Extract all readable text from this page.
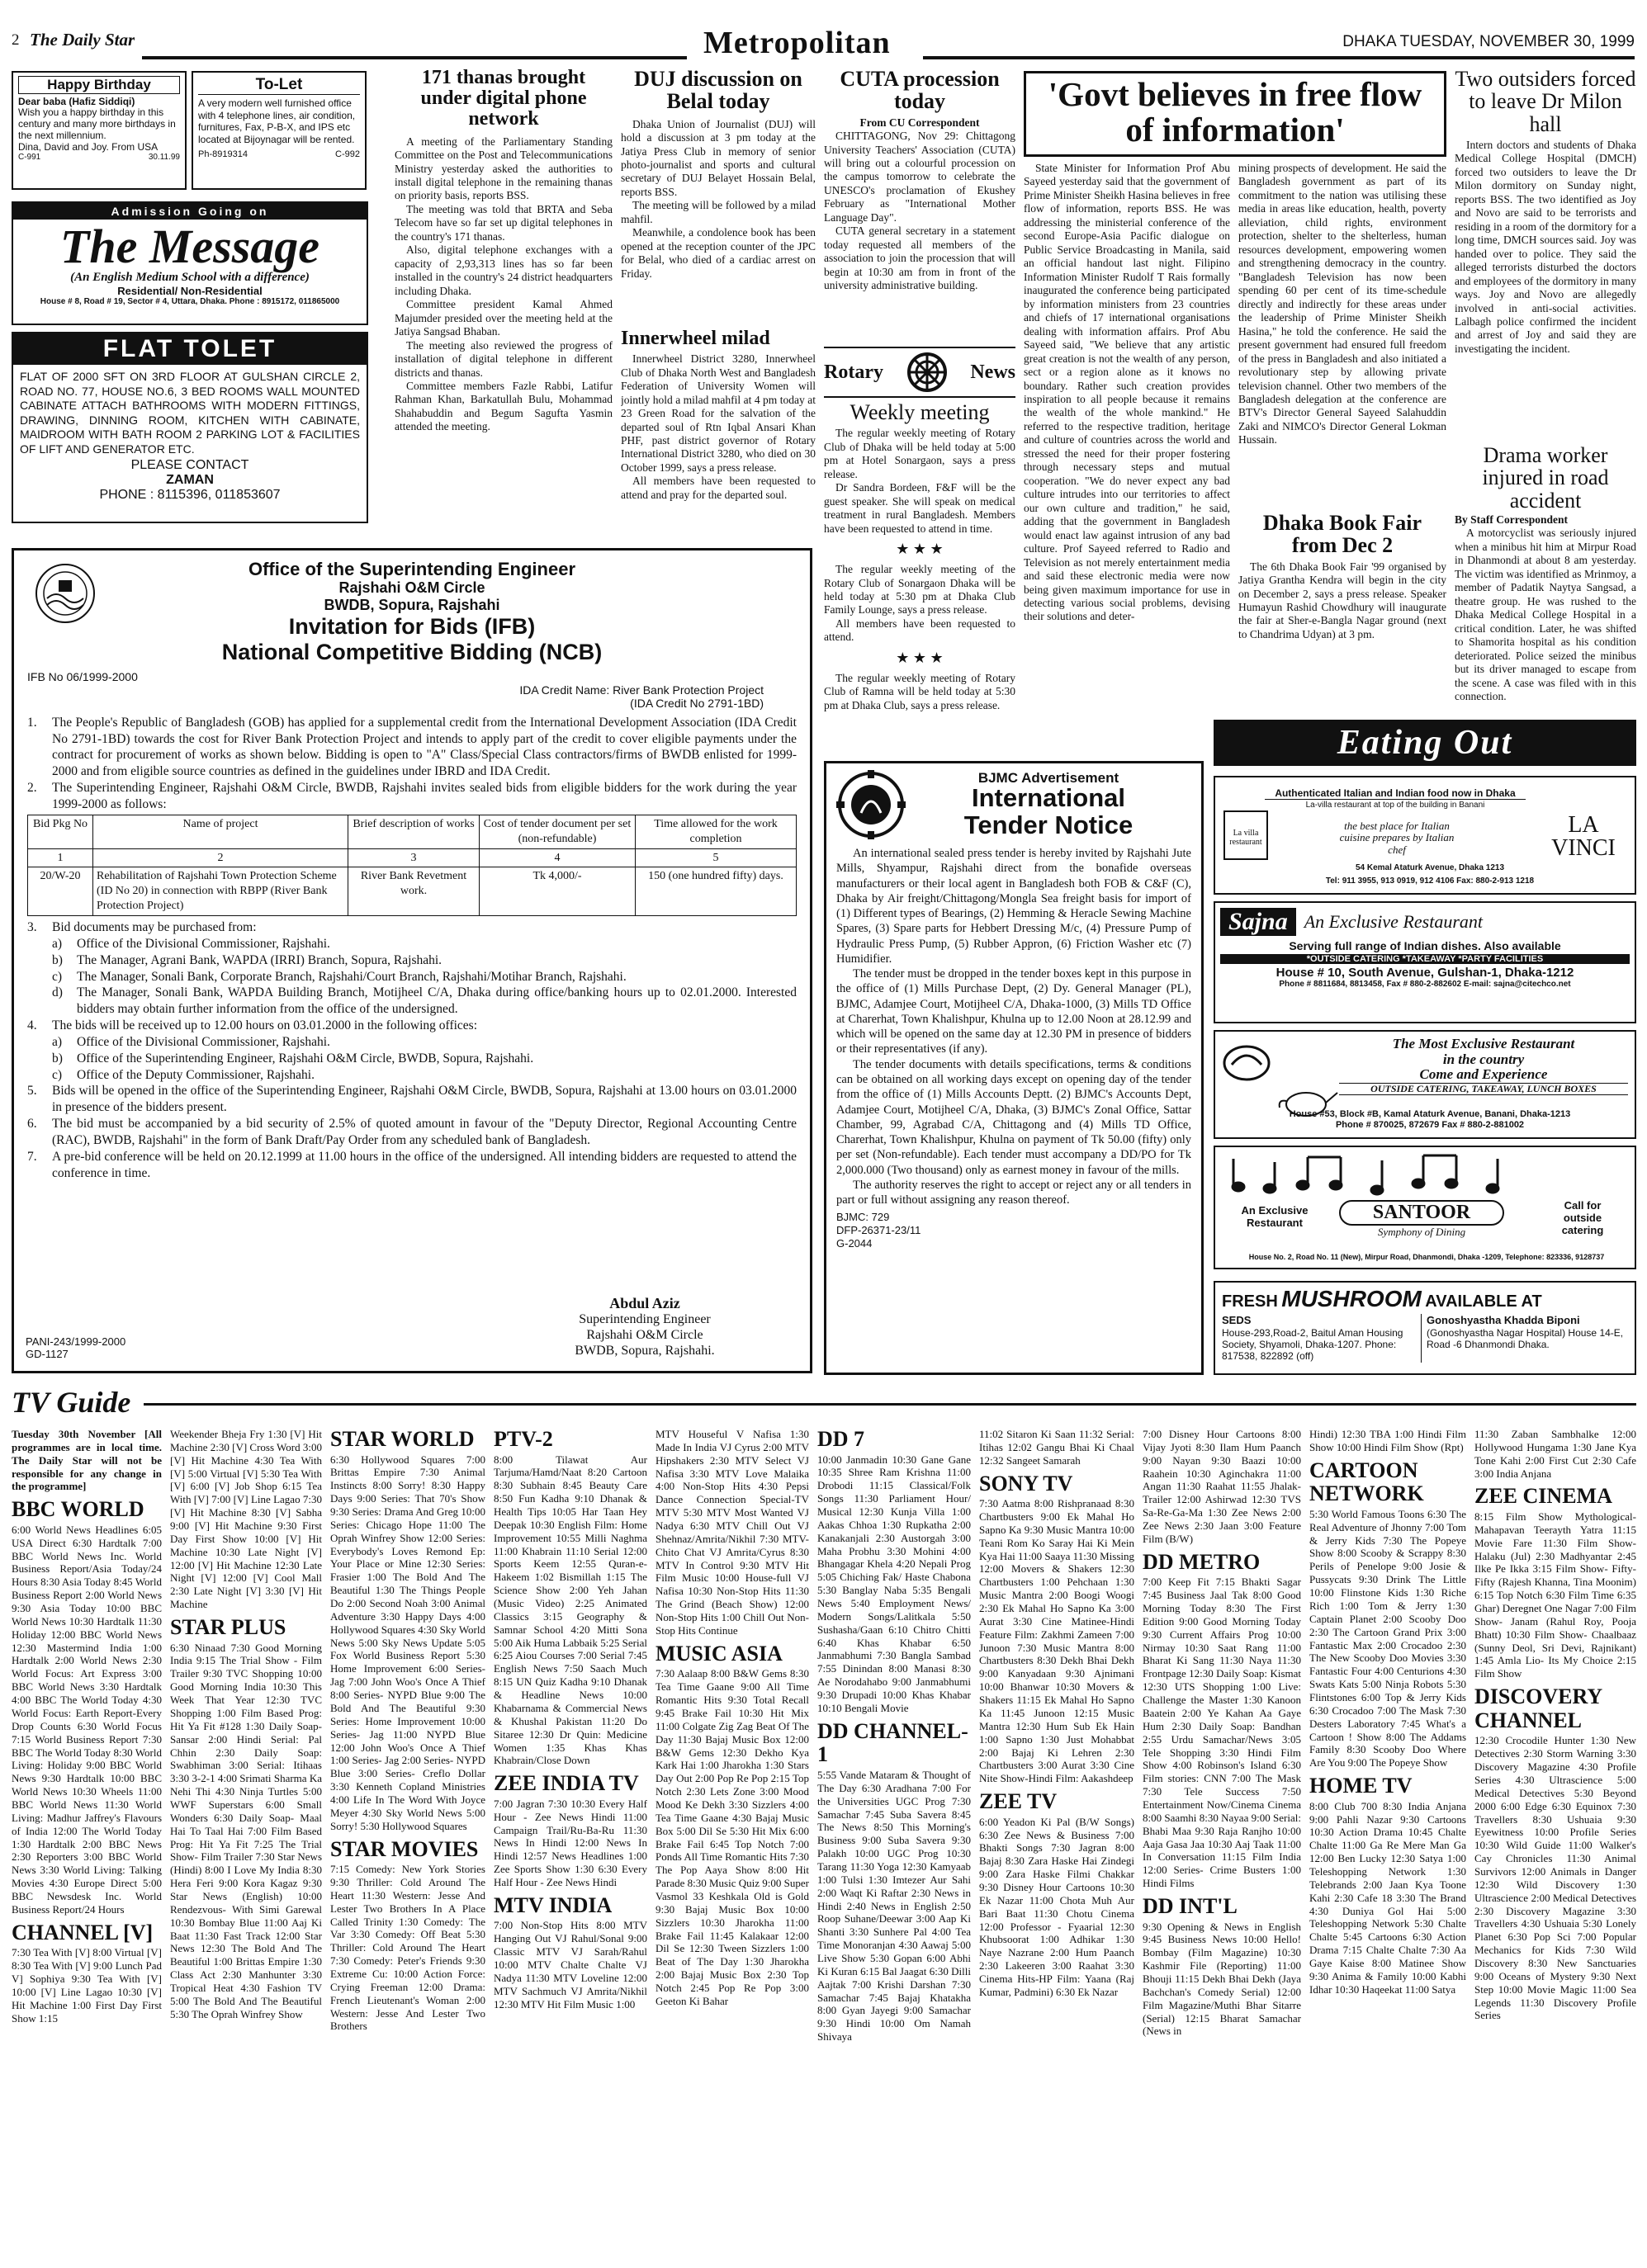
2 The Daily Star	Metropolitan	DHAKA TUESDAY, NOVEMBER 30, 1999
Happy Birthday
Dear baba (Hafiz Siddiqi)
Wish you a happy birthday in this century and many more birthdays in the next millennium.
Dina, David and Joy. From USA
C-991	30.11.99
To-Let
A very modern well furnished office with 4 telephone lines, air condition, furnitures, Fax, P-B-X, and IPS etc located at Bijoynagar will be rented.
Ph-8919314	C-992
Admission Going on
The Message
(An English Medium School with a difference)
Residential/ Non-Residential
House # 8, Road # 19, Sector # 4, Uttara, Dhaka. Phone : 8915172, 011865000
FLAT TOLET
FLAT OF 2000 SFT ON 3RD FLOOR AT GULSHAN CIRCLE 2, ROAD NO. 77, HOUSE NO.6, 3 BED ROOMS WALL MOUNTED CABINATE ATTACH BATHROOMS WITH MODERN FITTINGS, DRAWING, DINNING ROOM, KITCHEN WITH CABINATE, MAIDROOM WITH BATH ROOM 2 PARKING LOT & FACILITIES OF LIFT AND GENERATOR ETC.
PLEASE CONTACT
ZAMAN
PHONE : 8115396, 011853607
171 thanas brought under digital phone network
A meeting of the Parliamentary Standing Committee on the Post and Telecommunications Ministry yesterday asked the authorities to install digital telephone in the remaining thanas on priority basis, reports BSS.
The meeting was told that BRTA and Seba Telecom have so far set up digital telephones in the country's 171 thanas.
Also, digital telephone exchanges with a capacity of 2,93,313 lines has so far been installed in the country's 24 district headquarters including Dhaka.
Committee president Kamal Ahmed Majumder presided over the meeting held at the Jatiya Sangsad Bhaban.
The meeting also reviewed the progress of installation of digital telephone in different districts and thanas.
Committee members Fazle Rabbi, Latifur Rahman Khan, Barkatullah Bulu, Mohammad Shahabuddin and Begum Sagufta Yasmin attended the meeting.
DUJ discussion on Belal today
Dhaka Union of Journalist (DUJ) will hold a discussion at 3 pm today at the Jatiya Press Club in memory of senior photo-journalist and sports and cultural secretary of DUJ Belayet Hossain Belal, reports BSS.
The meeting will be followed by a milad mahfil.
Meanwhile, a condolence book has been opened at the reception counter of the JPC for Belal, who died of a cardiac arrest on Friday.
Innerwheel milad
Innerwheel District 3280, Innerwheel Club of Dhaka North West and Bangladesh Federation of University Women will jointly hold a milad mahfil at 4 pm today at 23 Green Road for the salvation of the departed soul of Rtn Iqbal Ansari Khan PHF, past district governor of Rotary International District 3280, who died on 30 October 1999, says a press release.
All members have been requested to attend and pray for the departed soul.
CUTA procession today
From CU Correspondent
CHITTAGONG, Nov 29: Chittagong University Teachers' Association (CUTA) will bring out a colourful procession on the campus tomorrow to celebrate the UNESCO's proclamation of Ekushey February as "International Mother Language Day".
CUTA general secretary in a statement today requested all members of the association to join the procession that will begin at 10:30 am from in front of the university administrative building.
Rotary	News
Weekly meeting
The regular weekly meeting of Rotary Club of Dhaka will be held today at 5:00 pm at Hotel Sonargaon, says a press release.
Dr Sandra Bordeen, F&F will be the guest speaker. She will speak on medical treatment in rural Bangladesh. Members have been requested to attend in time.
★ ★ ★
The regular weekly meeting of the Rotary Club of Sonargaon Dhaka will be held today at 5:30 pm at Dhaka Club Family Lounge, says a press release.
All members have been requested to attend.
★ ★ ★
The regular weekly meeting of Rotary Club of Ramna will be held today at 5:30 pm at Dhaka Club, says a press release.
'Govt believes in free flow of information'
State Minister for Information Prof Abu Sayeed yesterday said that the government of Prime Minister Sheikh Hasina believes in free flow of information, reports BSS. He was addressing the ministerial conference of the second Europe-Asia Pacific dialogue on Public Service Broadcasting in Manila, said an official handout last night. Filipino Information Minister Rudolf T Rais formally inaugurated the conference being participated by information ministers from 23 countries and chiefs of 17 international organisations dealing with information affairs. Prof Abu Sayeed said, "We believe that any artistic great creation is not the wealth of any person, sect or a region alone as it knows no boundary. Rather such creation provides inspiration to all people because it remains the wealth of the whole mankind." He referred to the respective tradition, heritage and culture of countries across the world and stressed the need for their proper fostering through necessary steps and mutual cooperation. "We do never expect any bad culture intrudes into our territories to affect our own culture and tradition," he said, adding that the government in Bangladesh would enact law against intrusion of any bad culture. Prof Sayeed referred to Radio and Television as not merely entertainment media and said these electronic media were now being given maximum importance for use in detecting various social problems, devising their solutions and deter-
mining prospects of development. He said the Bangladesh government as part of its commitment to the nation was utilising these media in areas like education, health, poverty alleviation, child rights, environment protection, shelter to the shelterless, human resources development, empowering women and strengthening democracy in the country. "Bangladesh Television has now been spending 60 per cent of its time-schedule directly and indirectly for these areas under the leadership of Prime Minister Sheikh Hasina," he told the conference. He said the present government had ensured full freedom of the press in Bangladesh and also initiated a revolutionary step by allowing private television channel. Other two members of the Bangladesh delegation at the conference are BTV's Director General Sayeed Salahuddin Zaki and NIMCO's Director General Lokman Hussain.
Dhaka Book Fair from Dec 2
The 6th Dhaka Book Fair '99 organised by Jatiya Grantha Kendra will begin in the city on December 2, says a press release. Speaker Humayun Rashid Chowdhury will inaugurate the fair at Sher-e-Bangla Nagar ground (next to Chandrima Udyan) at 3 pm.
Two outsiders forced to leave Dr Milon hall
Intern doctors and students of Dhaka Medical College Hospital (DMCH) forced two outsiders to leave the Dr Milon dormitory on Sunday night, reports BSS. The two identified as Joy and Novo are said to be terrorists and residing in a room of the dormitory for a long time, DMCH sources said. Joy was handed over to police. They said the alleged terrorists disturbed the doctors and employees of the dormitory in many ways. Joy and Novo are allegedly involved in anti-social activities. Lalbagh police confirmed the incident and arrest of Joy and said they are investigating the incident.
Drama worker injured in road accident
By Staff Correspondent
A motorcyclist was seriously injured when a minibus hit him at Mirpur Road in Dhanmondi at about 8 am yesterday. The victim was identified as Mrinmoy, a member of Padatik Naytya Sangsad, a theatre group. He was rushed to the Dhaka Medical College Hospital in a critical condition. Later, he was shifted to Shamorita hospital as his condition deteriorated. Police seized the minibus but its driver managed to escape from the scene. A case was filed with in this connection.
Office of the Superintending Engineer
Rajshahi O&M Circle
BWDB, Sopura, Rajshahi
Invitation for Bids (IFB)
National Competitive Bidding (NCB)
IFB No 06/1999-2000
IDA Credit Name: River Bank Protection Project
(IDA Credit No 2791-1BD)
1.	The People's Republic of Bangladesh (GOB) has applied for a supplemental credit from the International Development Association (IDA Credit No 2791-1BD) towards the cost for River Bank Protection Project and intends to apply part of the credit to cover eligible payments under the contract for procurement of works as shown below. Bidding is open to "A" Class/Special Class contractors/firms of BWDB enlisted for 1999-2000 and from eligible source countries as defined in the guidelines under IBRD and IDA Credit.
2.	The Superintending Engineer, Rajshahi O&M Circle, BWDB, Rajshahi invites sealed bids from eligible bidders for the work during the year 1999-2000 as follows:
Bid Pkg No	Name of project	Brief description of works	Cost of tender document per set (non-refundable)	Time allowed for the work completion
1	2	3	4	5
20/W-20	Rehabilitation of Rajshahi Town Protection Scheme (ID No 20) in connection with RBPP (River Bank Protection Project)	River Bank Revetment work.	Tk 4,000/-	150 (one hundred fifty) days.
3.	Bid documents may be purchased from:
a)	Office of the Divisional Commissioner, Rajshahi.
b)	The Manager, Agrani Bank, WAPDA (IRRI) Branch, Sopura, Rajshahi.
c)	The Manager, Sonali Bank, Corporate Branch, Rajshahi/Court Branch, Rajshahi/Motihar Branch, Rajshahi.
d)	The Manager, Sonali Bank, WAPDA Building Branch, Motijheel C/A, Dhaka during office/banking hours up to 02.01.2000. Interested bidders may obtain further information from the office of the undersigned.
4.	The bids will be received up to 12.00 hours on 03.01.2000 in the following offices:
a)	Office of the Divisional Commissioner, Rajshahi.
b)	Office of the Superintending Engineer, Rajshahi O&M Circle, BWDB, Sopura, Rajshahi.
c)	Office of the Deputy Commissioner, Rajshahi.
5.	Bids will be opened in the office of the Superintending Engineer, Rajshahi O&M Circle, BWDB, Sopura, Rajshahi at 13.00 hours on 03.01.2000 in presence of the bidders present.
6.	The bid must be accompanied by a bid security of 2.5% of quoted amount in favour of the "Deputy Director, Regional Accounting Centre (RAC), BWDB, Rajshahi" in the form of Bank Draft/Pay Order from any scheduled bank of Bangladesh.
7.	A pre-bid conference will be held on 20.12.1999 at 11.00 hours in the office of the undersigned. All intending bidders are requested to attend the conference in time.
Abdul Aziz
Superintending Engineer
Rajshahi O&M Circle
BWDB, Sopura, Rajshahi.
PANI-243/1999-2000
GD-1127
BJMC Advertisement
International
Tender Notice
An international sealed press tender is hereby invited by Rajshahi Jute Mills, Shyampur, Rajshahi direct from the bonafide overseas manufacturers or their local agent in Bangladesh both FOB & C&F (C), Dhaka by Air freight/Chittagong/Mongla Sea freight basis for import of (1) Different types of Bearings, (2) Hemming & Heracle Sewing Machine Spares, (3) Spare parts for Hebbert Dressing M/c, (4) Pressure Pump of Hydraulic Press Pump, (5) Rubber Appron, (6) Friction Washer etc (7) Humidifier.
The tender must be dropped in the tender boxes kept in this purpose in the office of (1) Mills Purchase Dept, (2) Dy. General Manager (PL), BJMC, Adamjee Court, Motijheel C/A, Dhaka-1000, (3) Mills TD Office at Charerhat, Town Khalishpur, Khulna up to 12.00 Noon at 28.12.99 and which will be opened on the same day at 12.30 PM in presence of bidders or their representatives (if any).
The tender documents with details specifications, terms & conditions can be obtained on all working days except on opening day of the tender from the office of (1) Mills Accounts Deptt. (2) BJMC's Accounts Dept, Adamjee Court, Motijheel C/A, Dhaka, (3) BJMC's Zonal Office, Sattar Chamber, 99, Agrabad C/A, Chittagong and (4) Mills TD Office, Charerhat, Town Khalishpur, Khulna on payment of Tk 50.00 (fifty) only per set (Non-refundable). Each tender must accompany a DD/PO for Tk 2,000.000 (Two thousand) only as earnest money in favour of the mills.
The authority reserves the right to accept or reject any or all tenders in part or full without assigning any reason thereof.
BJMC: 729
DFP-26371-23/11
G-2044
Eating Out
Authenticated Italian and Indian food now in Dhaka
La-villa restaurant at top of the building in Banani
La villa restaurant
the best place for Italian cuisine prepares by Italian chef
LA VINCI
54 Kemal Ataturk Avenue, Dhaka 1213
Tel: 911 3955, 913 0919, 912 4106 Fax: 880-2-913 1218
Sajna An Exclusive Restaurant
Serving full range of Indian dishes. Also available
*OUTSIDE CATERING *TAKEAWAY *PARTY FACILITIES
House # 10, South Avenue, Gulshan-1, Dhaka-1212
Phone # 8811684, 8813458, Fax # 880-2-882602 E-mail: sajna@citechco.net
The Most Exclusive Restaurant
in the country
Come and Experience
OUTSIDE CATERING, TAKEAWAY, LUNCH BOXES
House #53, Block #B, Kamal Ataturk Avenue, Banani, Dhaka-1213
Phone # 870025, 872679 Fax # 880-2-881002
An Exclusive
Restaurant	SANTOOR
Symphony of Dining
Call for
outside
catering
House No. 2, Road No. 11 (New), Mirpur Road, Dhanmondi, Dhaka -1209, Telephone: 823336, 9128737
FRESH MUSHROOM AVAILABLE AT
SEDS
House-293,Road-2, Baitul Aman Housing Society, Shyamoli, Dhaka-1207. Phone: 817538, 822892 (off)
Gonoshyastha Khadda Biponi
(Gonoshyastha Nagar Hospital) House 14-E, Road -6 Dhanmondi Dhaka.
TV Guide
Tuesday 30th November [All programmes are in local time. The Daily Star will not be responsible for any change in the programme]
BBC WORLD
6:00 World News Headlines 6:05 USA Direct 6:30 Hardtalk 7:00 BBC World News Inc. World Business Report/Asia Today/24 Hours 8:30 Asia Today 8:45 World Business Report 2:00 World News 9:30 Asia Today 10:00 BBC World News 10:30 Hardtalk 11:30 Holiday 12:00 BBC World News 12:30 Mastermind India 1:00 Hardtalk 2:00 World News 2:30 World Focus: Art Express 3:00 BBC World News 3:30 Hardtalk 4:00 BBC The World Today 4:30 World Focus: Earth Report-Every Drop Counts 6:30 World Focus 7:15 World Business Report 7:30 BBC The World Today 8:30 World Living: Holiday 9:00 BBC World News 9:30 Hardtalk 10:00 BBC World News 10:30 Wheels 11:00 BBC World News 11:30 World Living: Madhur Jaffrey's Flavours of India 12:00 The World Today 1:30 Hardtalk 2:00 BBC News 2:30 Reporters 3:00 BBC World News 3:30 World Living: Talking Movies 4:30 Europe Direct 5:00 BBC Newsdesk Inc. World Business Report/24 Hours
CHANNEL [V]
7:30 Tea With [V] 8:00 Virtual [V] 8:30 Tea With [V] 9:00 Lunch Pad V] Sophiya 9:30 Tea With [V] 10:00 [V] Line Lagao 10:30 [V] Hit Machine 1:00 First Day First Show 1:15
Weekender Bheja Fry 1:30 [V] Hit Machine 2:30 [V] Cross Word 3:00 [V] Hit Machine 4:30 Tea With [V] 5:00 Virtual [V] 5:30 Tea With [V] 6:00 [V] Job Shop 6:15 Tea With [V] 7:00 [V] Line Lagao 7:30 [V] Hit Machine 8:30 [V] Sabha 9:00 [V] Hit Machine 9:30 First Day First Show 10:00 [V] Hit Machine 10:30 Late Night [V] 12:00 [V] Hit Machine 12:30 Late Night [V] 12:00 [V] Cool Mall 2:30 Late Night [V] 3:30 [V] Hit Machine
STAR PLUS
6:30 Ninaad 7:30 Good Morning India 9:15 The Trial Show - Film Trailer 9:30 TVC Shopping 10:00 Good Morning India 10:30 This Week That Year 12:30 TVC Shopping 1:00 Film Based Prog: Hit Ya Fit #128 1:30 Daily Soap- Sansar 2:00 Hindi Serial: Pal Chhin 2:30 Daily Soap: Swabhiman 3:00 Serial: Itihaas 3:30 3-2-1 4:00 Srimati Sharma Ka Nehi Thi 4:30 Ninja Turtles 5:00 WWF Superstars 6:00 Small Wonders 6:30 Daily Soap- Maal Hai To Taal Hai 7:00 Film Based Prog: Hit Ya Fit 7:25 The Trial Show- Film Trailer 7:30 Star News (Hindi) 8:00 I Love My India 8:30 Hera Feri 9:00 Kora Kagaz 9:30 Star News (English) 10:00 Rendezvous- With Simi Garewal 10:30 Bombay Blue 11:00 Aaj Ki Baat 11:30 Fast Track 12:00 Star News 12:30 The Bold And The Beautiful 1:00 Brittas Empire 1:30 Class Act 2:30 Manhunter 3:30 Tropical Heat 4:30 Fashion TV 5:00 The Bold And The Beautiful 5:30 The Oprah Winfrey Show
STAR WORLD
6:30 Hollywood Squares 7:00 Brittas Empire 7:30 Animal Instincts 8:00 Sorry! 8:30 Happy Days 9:00 Series: That 70's Show 9:30 Series: Drama And Greg 10:00 Series: Chicago Hope 11:00 The Oprah Winfrey Show 12:00 Series: Everybody's Loves Remond Ep: Your Place or Mine 12:30 Series: Frasier 1:00 The Bold And The Beautiful 1:30 The Things People Do 2:00 Second Noah 3:00 Animal Adventure 3:30 Happy Days 4:00 Hollywood Squares 4:30 Sky World News 5:00 Sky News Update 5:05 Fox World Business Report 5:30 Home Improvement 6:00 Series- Jag 7:00 John Woo's Once A Thief 8:00 Series- NYPD Blue 9:00 The Bold And The Beautiful 9:30 Series: Home Improvement 10:00 Series- Jag 11:00 NYPD Blue 12:00 John Woo's Once A Thief 1:00 Series- Jag 2:00 Series- NYPD Blue 3:00 Series- Creflo Dollar 3:30 Kenneth Copland Ministries 4:00 Life In The Word With Joyce Meyer 4:30 Sky World News 5:00 Sorry! 5:30 Hollywood Squares
STAR MOVIES
7:15 Comedy: New York Stories 9:30 Thriller: Cold Around The Heart 11:30 Western: Jesse And Lester Two Brothers In A Place Called Trinity 1:30 Comedy: The Var 3:30 Comedy: Off Beat 5:30 Thriller: Cold Around The Heart 7:30 Comedy: Peter's Friends 9:30 Extreme Cu: 10:00 Action Force: Crying Freeman 12:00 Drama: French Lieutenant's Woman 2:00 Western: Jesse And Lester Two Brothers
PTV-2
8:00 Tilawat Aur Tarjuma/Hamd/Naat 8:20 Cartoon 8:30 Subhain 8:45 Beauty Care 8:50 Fun Kadha 9:10 Dhanak & Health Tips 10:05 Har Taan Hey Deepak 10:30 English Film: Home Improvement 10:55 Milli Naghma 11:00 Khabrain 11:10 Serial 12:00 Sports Keem 12:55 Quran-e-Hakeem 1:02 Bismillah 1:15 The Science Show 2:00 Yeh Jahan (Music Video) 2:25 Animated Classics 3:15 Geography & Samnar School 4:20 Mitti Sona 5:00 Aik Huma Labbaik 5:25 Serial 6:25 Aiou Courses 7:00 Serial 7:45 English News 7:50 Saach Much 8:15 UN Quiz Kadha 9:10 Dhanak & Headline News 10:00 Khabarnama & Commercial News & Khushal Pakistan 11:20 Do Sitaree 12:30 Dr Quin: Medicine Women 1:35 Khas Khas Khabrain/Close Down
ZEE INDIA TV
7:00 Jagran 7:30 10:30 Every Half Hour - Zee News Hindi 11:00 Campaign Trail/Ru-Ba-Ru 11:30 News In Hindi 12:00 News In Hindi 12:57 News Headlines 1:00 Zee Sports Show 1:30 6:30 Every Half Hour - Zee News Hindi
MTV INDIA
7:00 Non-Stop Hits 8:00 MTV Hanging Out VJ Rahul/Sonal 9:00 Classic MTV VJ Sarah/Rahul 10:00 MTV Chalte Chalte VJ Nadya 11:30 MTV Loveline 12:00 MTV Sachmuch VJ Amrita/Nikhil 12:30 MTV Hit Film Music 1:00
MTV Houseful V Nafisa 1:30 Made In India VJ Cyrus 2:00 MTV Hipshakers 2:30 MTV Select VJ Nafisa 3:30 MTV Love Malaika 4:00 Non-Stop Hits 4:30 Pepsi Dance Connection Special-TV MTV 5:30 MTV Most Wanted VJ Nadya 6:30 MTV Chill Out VJ Shehnaz/Amrita/Nikhil 7:30 MTV- Chito Chat VJ Amrita/Cyrus 8:30 MTV In Control 9:30 MTV Hit Film Music 10:00 House-full VJ Nafisa 10:30 Non-Stop Hits 11:30 The Grind (Beach Show) 12:00 Non-Stop Hits 1:00 Chill Out Non-Stop Hits Continue
MUSIC ASIA
7:30 Aalaap 8:00 B&W Gems 8:30 Tea Time Gaane 9:00 All Time Romantic Hits 9:30 Total Recall 9:45 Brake Fail 10:30 Hit Mix 11:00 Colgate Zig Zag Beat Of The Day 11:30 Bajaj Music Box 12:00 B&W Gems 12:30 Dekho Kya Kark Hai 1:00 Jharokha 1:30 Stars Day Out 2:00 Pop Re Pop 2:15 Top Notch 2:30 Lets Zone 3:00 Mood Mood Ke Dekh 3:30 Sizzlers 4:00 Tea Time Gaane 4:30 Bajaj Music Box 5:00 Dil Se 5:30 Hit Mix 6:00 Brake Fail 6:45 Top Notch 7:00 Ponds All Time Romantic Hits 7:30 The Pop Aaya Show 8:00 Hit Parade 8:30 Music Quiz 9:00 Super Vasmol 33 Keshkala Old is Gold 9:30 Bajaj Music Box 10:00 Sizzlers 10:30 Jharokha 11:00 Brake Fail 11:45 Kalakaar 12:00 Dil Se 12:30 Tween Sizzlers 1:00 Beat of The Day 1:30 Jharokha 2:00 Bajaj Music Box 2:30 Top Notch 2:45 Pop Re Pop 3:00 Geeton Ki Bahar
DD 7
10:00 Janmadin 10:30 Gane Gane 10:35 Shree Ram Krishna 11:00 Drobodi 11:15 Classical/Folk Songs 11:30 Parliament Hour/ Musical 12:30 Kunja Villa 1:00 Aakas Chhoa 1:30 Rupkatha 2:00 Kanakanjali 2:30 Austorgah 3:00 Maha Probhu 3:30 Mohini 4:00 Bhangagar Khela 4:20 Nepali Prog 5:05 Chiching Fak/ Haste Chabona 5:30 Banglay Naba 5:35 Bengali News 5:40 Employment News/ Modern Songs/Lalitkala 5:50 Sushasha/Gaan 6:10 Chitro Chitti 6:40 Khas Khabar 6:50 Janmabhumi 7:30 Bangla Sambad 7:55 Dinindan 8:00 Manasi 8:30 Ae Norodahabo 9:00 Janmabhumi 9:30 Drupadi 10:00 Khas Khabar 10:10 Bengali Movie
DD CHANNEL-1
5:55 Vande Mataram & Thought of The Day 6:30 Aradhana 7:00 For the Universities UGC Prog 7:30 Samachar 7:45 Suba Savera 8:45 The News 8:50 This Morning's Business 9:00 Suba Savera 9:30 Palakh 10:00 UGC Prog 10:30 Tarang 11:30 Yoga 12:30 Kamyaab 1:00 Tulsi 1:30 Imtezer Aur Sahi 2:00 Waqt Ki Raftar 2:30 News in Hindi 2:40 News in English 2:50 Roop Suhane/Deewar 3:00 Aap Ki Shanti 3:30 Sunhere Pal 4:00 Tea Time Monoranjan 4:30 Aawaj 5:00 Live Show 5:30 Gopan 6:00 Abhi Ki Kuran 6:15 Bal Jaagat 6:30 Dilli Aajtak 7:00 Krishi Darshan 7:30 Samachar 7:45 Bajaj Khatakha 8:00 Gyan Jayegi 9:00 Samachar 9:30 Hindi 10:00 Om Namah Shivaya
11:02 Sitaron Ki Saan 11:32 Serial: Itihas 12:02 Gangu Bhai Ki Chaal 12:32 Sangeet Samarah
SONY TV
7:30 Aatma 8:00 Rishpranaad 8:30 Chartbusters 9:00 Ek Mahal Ho Sapno Ka 9:30 Music Mantra 10:00 Teani Rom Ko Saray Hai Ki Mein Kya Hai 11:00 Saaya 11:30 Missing 12:00 Movers & Shakers 12:30 Chartbusters 1:00 Pehchaan 1:30 Music Mantra 2:00 Boogi Woogi 2:30 Ek Mahal Ho Sapno Ka 3:00 Aurat 3:30 Cine Matinee-Hindi Feature Film: Zakhmi Zameen 7:00 Junoon 7:30 Music Mantra 8:00 Chartbusters 8:30 Dekh Bhai Dekh 9:00 Kanyadaan 9:30 Ajnimani 10:00 Bhanwar 10:30 Movers & Shakers 11:15 Ek Mahal Ho Sapno Ka 11:45 Junoon 12:15 Music Mantra 12:30 Hum Sub Ek Hain 1:00 Sapno 1:30 Just Mohabbat 2:00 Bajaj Ki Lehren 2:30 Chartbusters 3:00 Aurat 3:30 Cine Nite Show-Hindi Film: Aakashdeep
ZEE TV
6:00 Yeadon Ki Pal (B/W Songs) 6:30 Zee News & Business 7:00 Bhakti Songs 7:30 Jagran 8:00 Bajaj 8:30 Zara Haske Hai Zindegi 9:00 Zara Haske Filmi Chakkar 9:30 Disney Hour Cartoons 10:30 Ek Nazar 11:00 Chota Muh Aur Bari Baat 11:30 Chotu Cinema 12:00 Professor - Fyaarial 12:30 Khubsoorat 1:00 Adhikar 1:30 Naye Nazrane 2:00 Hum Paanch 2:30 Lakeeren 3:00 Raahat 3:30 Cinema Hits-HP Film: Yaana (Raj Kumar, Padmini) 6:30 Ek Nazar
7:00 Disney Hour Cartoons 8:00 Vijay Jyoti 8:30 Ilam Hum Paanch 9:00 Nayan 9:30 Baazi 10:00 Raahein 10:30 Aginchakra 11:00 Angan 11:30 Raahat 11:55 Jhalak-Trailer 12:00 Ashirwad 12:30 TVS Sa-Re-Ga-Ma 1:30 Zee News 2:00 Zee News 2:30 Jaan 3:00 Feature Film (B/W)
DD METRO
7:00 Keep Fit 7:15 Bhakti Sagar 7:45 Business Jaal Tak 8:00 Good Morning Today 8:30 The First Edition 9:00 Good Morning Today 9:30 Current Affairs Prog 10:00 Nirmay 10:30 Saat Rang 11:00 Bharat Ki Sang 11:30 Naya 11:30 Frontpage 12:30 Daily Soap: Kismat 12:30 UTS Shopping 1:00 Live: Challenge the Master 1:30 Kanoon Baatein 2:00 Ye Kahan Aa Gaye Hum 2:30 Daily Soap: Bandhan 2:55 Urdu Samachar/News 3:05 Tele Shopping 3:30 Hindi Film Show 4:00 Robinson's Island 6:30 Film stories: CNN 7:00 The Mask 7:30 Tele Success 7:50 Entertainment Now/Cinema Cinema 8:00 Saamhi 8:30 Nayaa 9:00 Serial: Bhabi Maa 9:30 Raja Ranjho 10:00 Aaja Gasa Jaa 10:30 Aaj Taak 11:00 In Conversation 11:15 Film India 12:00 Series- Crime Busters 1:00 Hindi Films
DD INT'L
9:30 Opening & News in English 9:45 Business News 10:00 Hello! Bombay (Film Magazine) 10:30 Kashmir File (Reporting) 11:00 Bhouji 11:15 Dekh Bhai Dekh (Jaya Bachchan's Comedy Serial) 12:00 Film Magazine/Muthi Bhar Sitarre (Serial) 12:15 Bharat Samachar (News in
Hindi) 12:30 TBA 1:00 Hindi Film Show 10:00 Hindi Film Show (Rpt)
CARTOON NETWORK
5:30 World Famous Toons 6:30 The Real Adventure of Jhonny 7:00 Tom & Jerry Kids 7:30 The Popeye Show 8:00 Scooby & Scrappy 8:30 Perils of Penelope 9:00 Josie & Pussycats 9:30 Drink The Little 10:00 Flinstone Kids 1:30 Riche Rich 1:00 Tom & Jerry 1:30 Captain Planet 2:00 Scooby Doo 2:30 The Cartoon Grand Prix 3:00 Fantastic Max 2:00 Crocadoo 2:30 The New Scooby Doo Movies 3:30 Fantastic Four 4:00 Centurions 4:30 Swats Kats 5:00 Ninja Robots 5:30 Flintstones 6:00 Top & Jerry Kids 6:30 Crocadoo 7:00 The Mask 7:30 Desters Laboratory 7:45 What's a Cartoon ! Show 8:00 The Addams Family 8:30 Scooby Doo Where Are You 9:00 The Popeye Show
HOME TV
8:00 Club 700 8:30 India Anjana 9:00 Pahli Nazar 9:30 Cartoons 10:30 Action Drama 10:45 Chalte Chalte 11:00 Ga Re Mere Man Ga 12:00 Ben Lucky 12:30 Satya 1:00 Teleshopping Network 1:30 Telebrands 2:00 Jaan Kya Toone Kahi 2:30 Cafe 18 3:30 The Brand 4:30 Duniya Gol Hai 5:00 Teleshopping Network 5:30 Chalte Chalte 5:45 Cartoons 6:30 Action Drama 7:15 Chalte Chalte 7:30 Aa Gaye Kaise 8:00 Matinee Show 9:30 Anima & Family 10:00 Kabhi Idhar 10:30 Haqeekat 11:00 Satya
11:30 Zaban Sambhalke 12:00 Hollywood Hungama 1:30 Jane Kya Tone Kahi 2:00 First Cut 2:30 Cafe 3:00 India Anjana
ZEE CINEMA
8:15 Film Show Mythological- Mahapavan Teerayth Yatra 11:15 Movie Fare 11:30 Film Show- Halaku (Jul) 2:30 Madhyantar 2:45 Ilke Pe Ikka 3:15 Film Show- Fifty-Fifty (Rajesh Khanna, Tina Moonim) 6:15 Top Notch 6:30 Film Time 6:35 Ghar) Deregnet One Nagar 7:00 Film Show- Janam (Rahul Roy, Pooja Bhatt) 10:30 Film Show- Chaalbaaz (Sunny Deol, Sri Devi, Rajnikant) 1:45 Amla Lio- Its My Choice 2:15 Film Show
DISCOVERY CHANNEL
12:30 Crocodile Hunter 1:30 New Detectives 2:30 Storm Warning 3:30 Discovery Magazine 4:30 Profile Series 4:30 Ultrascience 5:00 Medical Detectives 5:30 Beyond 2000 6:00 Edge 6:30 Equinox 7:30 Travellers 8:30 Ushuaia 9:30 Eyewitness 10:00 Profile Series 10:30 Wild Guide 11:00 Walker's Cay Chronicles 11:30 Animal Survivors 12:00 Animals in Danger 12:30 Wild Discovery 1:30 Ultrascience 2:00 Medical Detectives 2:30 Discovery Magazine 3:30 Travellers 4:30 Ushuaia 5:30 Lonely Planet 6:30 Pop Sci 7:00 Popular Mechanics for Kids 7:30 Wild Discovery 8:30 New Sanctuaries 9:00 Oceans of Mystery 9:30 Next Step 10:00 Movie Magic 11:00 Sea Legends 11:30 Discovery Profile Series
